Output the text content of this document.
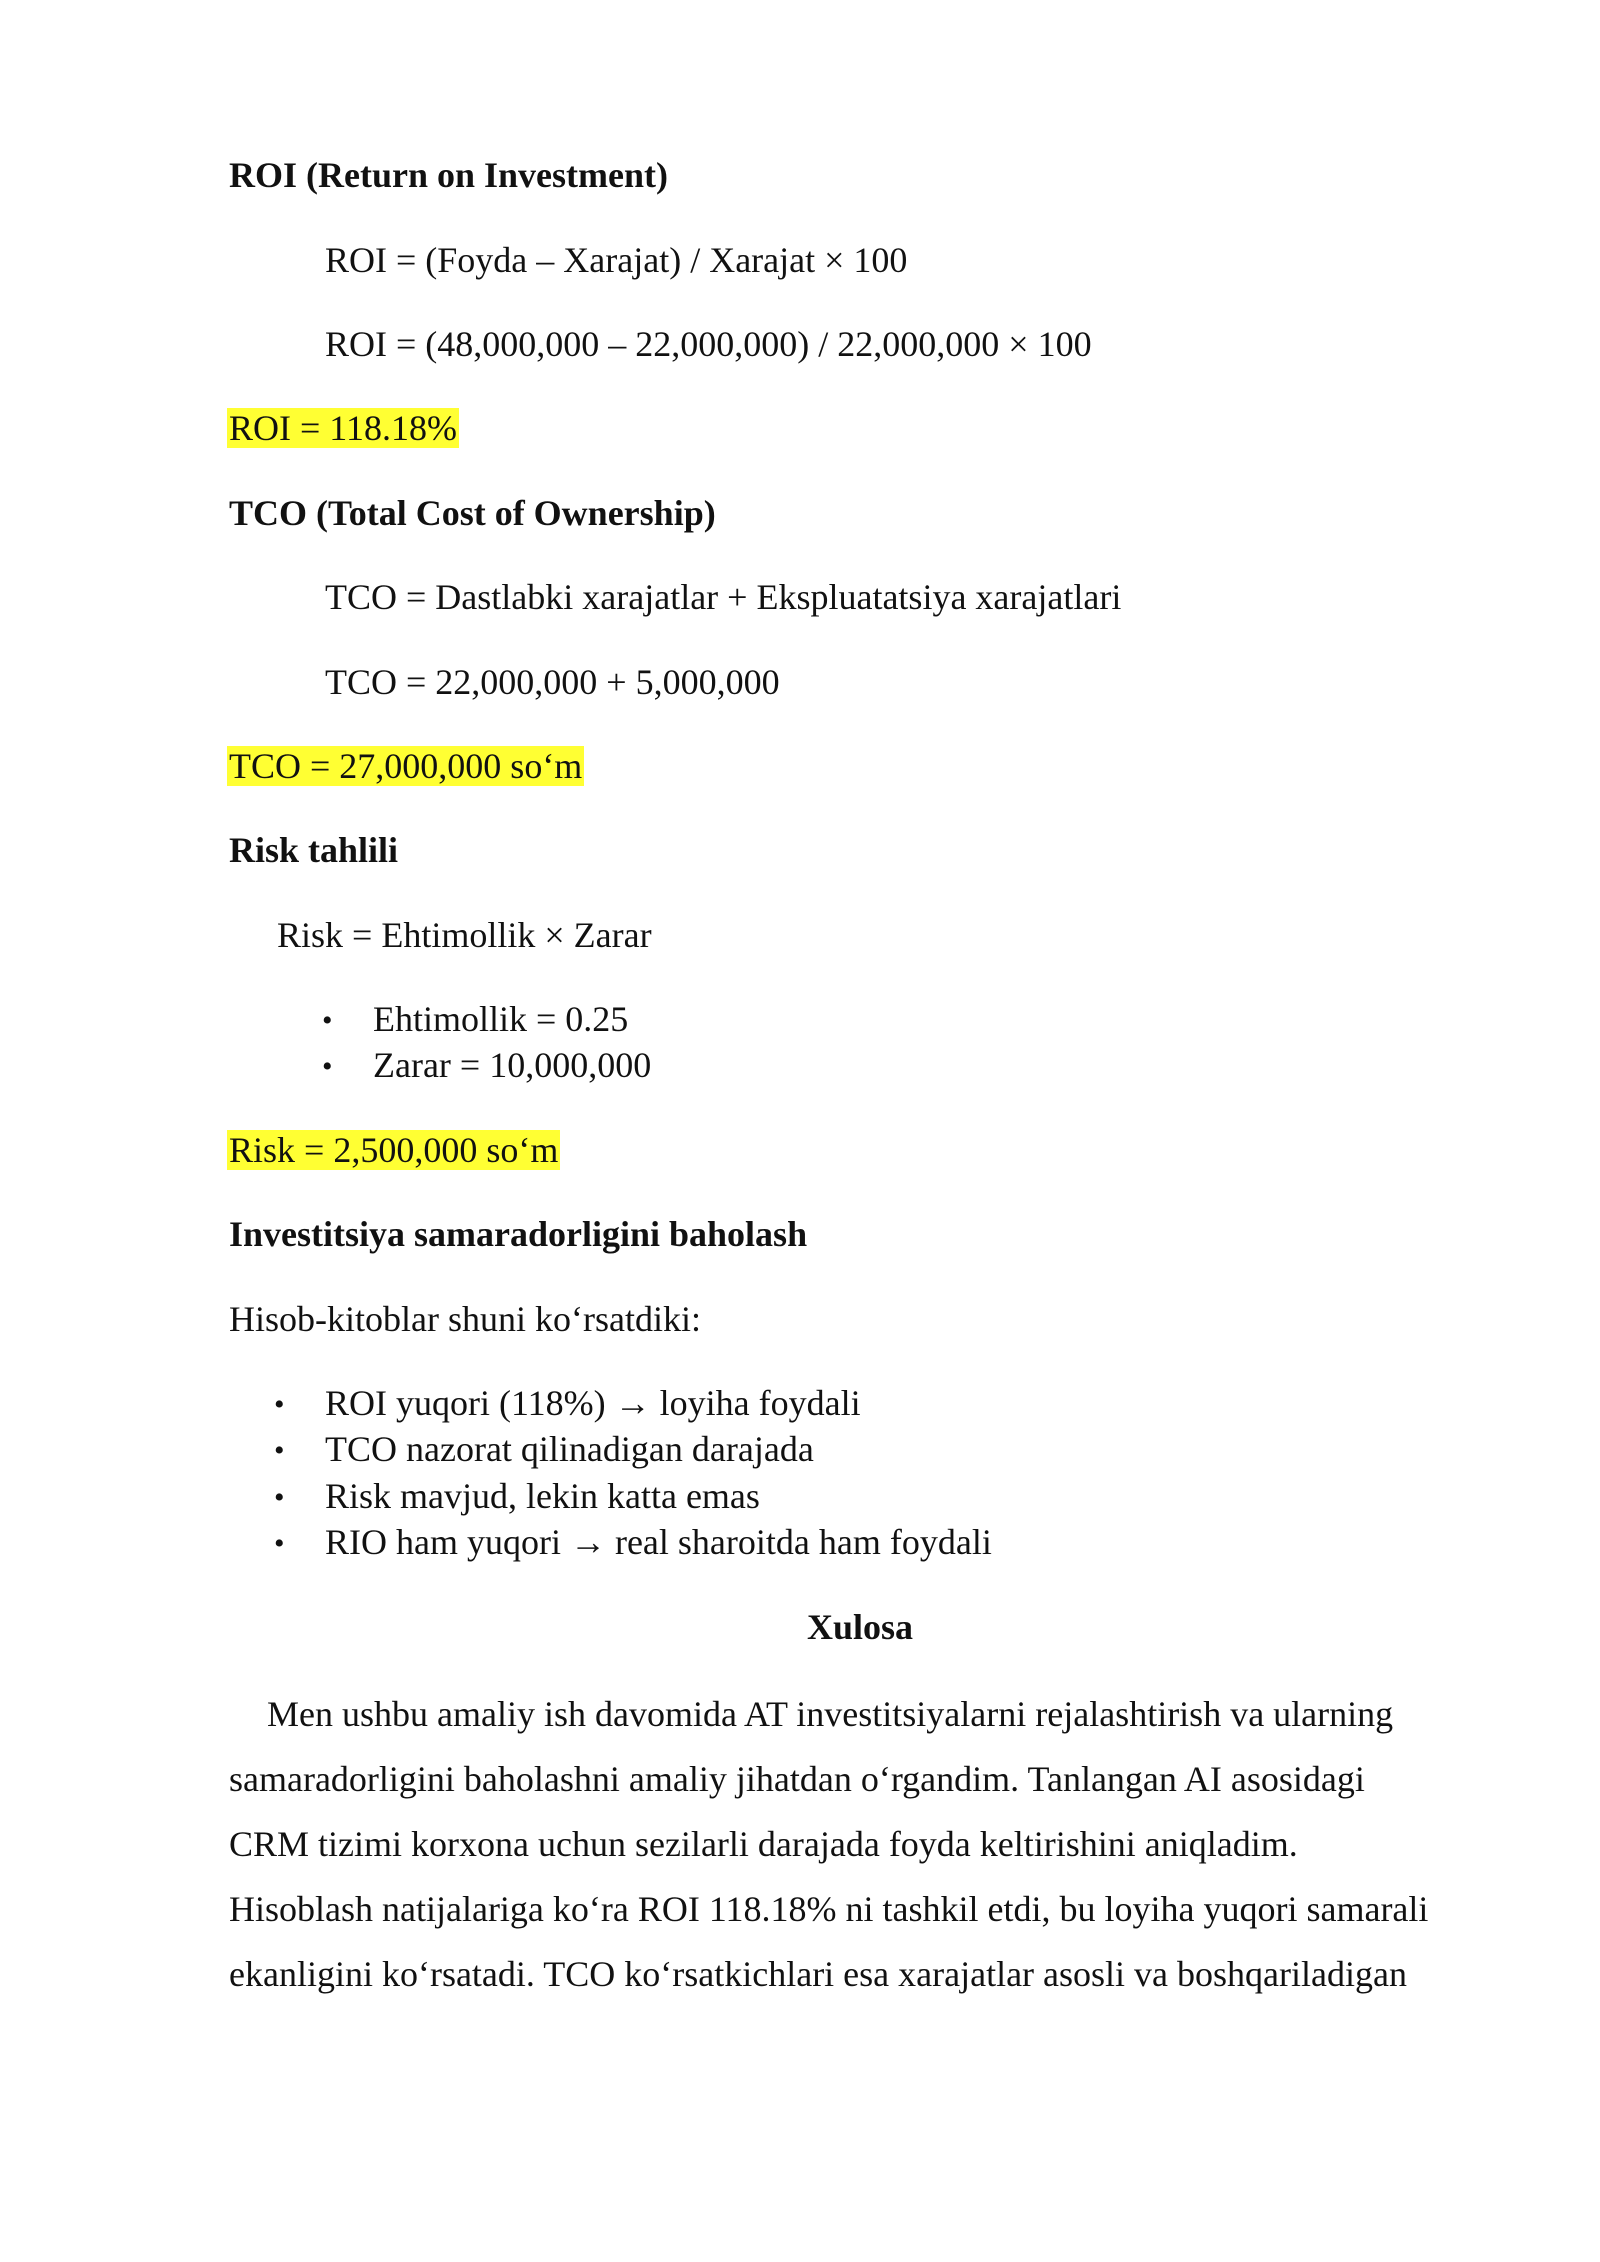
ROI (Return on Investment)
ROI = (Foyda – Xarajat) / Xarajat × 100
ROI = (48,000,000 – 22,000,000) / 22,000,000 × 100
ROI = 118.18%
TCO (Total Cost of Ownership)
TCO = Dastlabki xarajatlar + Ekspluatatsiya xarajatlari
TCO = 22,000,000 + 5,000,000
TCO = 27,000,000 so‘m
Risk tahlili
Risk = Ehtimollik × Zarar
• Ehtimollik = 0.25
• Zarar = 10,000,000
Risk = 2,500,000 so‘m
Investitsiya samaradorligini baholash
Hisob-kitoblar shuni ko‘rsatdiki:
• ROI yuqori (118%) → loyiha foydali
• TCO nazorat qilinadigan darajada
• Risk mavjud, lekin katta emas
• RIO ham yuqori → real sharoitda ham foydali
Xulosa
Men ushbu amaliy ish davomida AT investitsiyalarni rejalashtirish va ularning
samaradorligini baholashni amaliy jihatdan o‘rgandim. Tanlangan AI asosidagi
CRM tizimi korxona uchun sezilarli darajada foyda keltirishini aniqladim.
Hisoblash natijalariga ko‘ra ROI 118.18% ni tashkil etdi, bu loyiha yuqori samarali
ekanligini ko‘rsatadi. TCO ko‘rsatkichlari esa xarajatlar asosli va boshqariladigan
